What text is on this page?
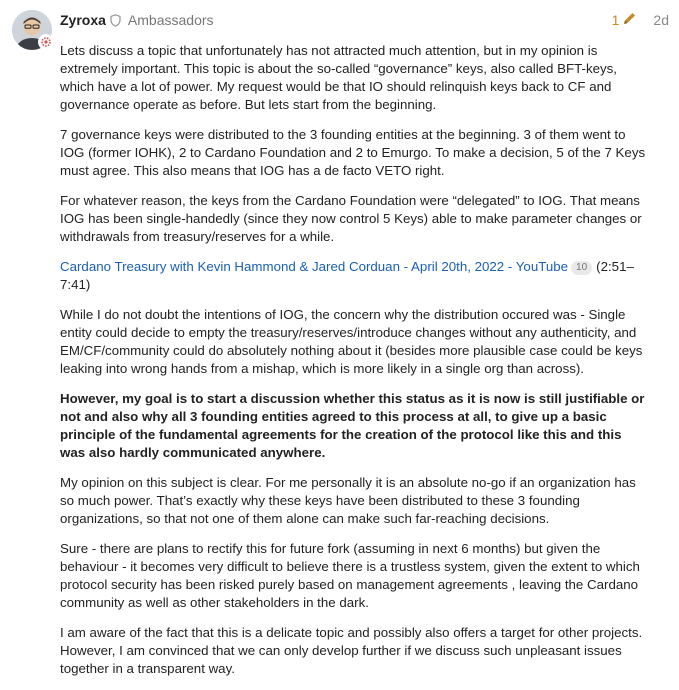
Zyroxa Ambassadors	1 2d

Lets discuss a topic that unfortunately has not attracted much attention, but in my opinion is extremely important. This topic is about the so-called “governance” keys, also called BFT-keys, which have a lot of power. My request would be that IO should relinquish keys back to CF and governance operate as before. But lets start from the beginning.

7 governance keys were distributed to the 3 founding entities at the beginning. 3 of them went to IOG (former IOHK), 2 to Cardano Foundation and 2 to Emurgo. To make a decision, 5 of the 7 Keys must agree. This also means that IOG has a de facto VETO right.

For whatever reason, the keys from the Cardano Foundation were “delegated” to IOG. That means IOG has been single-handedly (since they now control 5 Keys) able to make parameter changes or withdrawals from treasury/reserves for a while.

Cardano Treasury with Kevin Hammond & Jared Corduan - April 20th, 2022 - YouTube 10 (2:51–7:41)

While I do not doubt the intentions of IOG, the concern why the distribution occured was - Single entity could decide to empty the treasury/reserves/introduce changes without any authenticity, and EM/CF/community could do absolutely nothing about it (besides more plausible case could be keys leaking into wrong hands from a mishap, which is more likely in a single org than across).

However, my goal is to start a discussion whether this status as it is now is still justifiable or not and also why all 3 founding entities agreed to this process at all, to give up a basic principle of the fundamental agreements for the creation of the protocol like this and this was also hardly communicated anywhere.

My opinion on this subject is clear. For me personally it is an absolute no-go if an organization has so much power. That’s exactly why these keys have been distributed to these 3 founding organizations, so that not one of them alone can make such far-reaching decisions.

Sure - there are plans to rectify this for future fork (assuming in next 6 months) but given the behaviour - it becomes very difficult to believe there is a trustless system, given the extent to which protocol security has been risked purely based on management agreements , leaving the Cardano community as well as other stakeholders in the dark.

I am aware of the fact that this is a delicate topic and possibly also offers a target for other projects. However, I am convinced that we can only develop further if we discuss such unpleasant issues together in a transparent way.
